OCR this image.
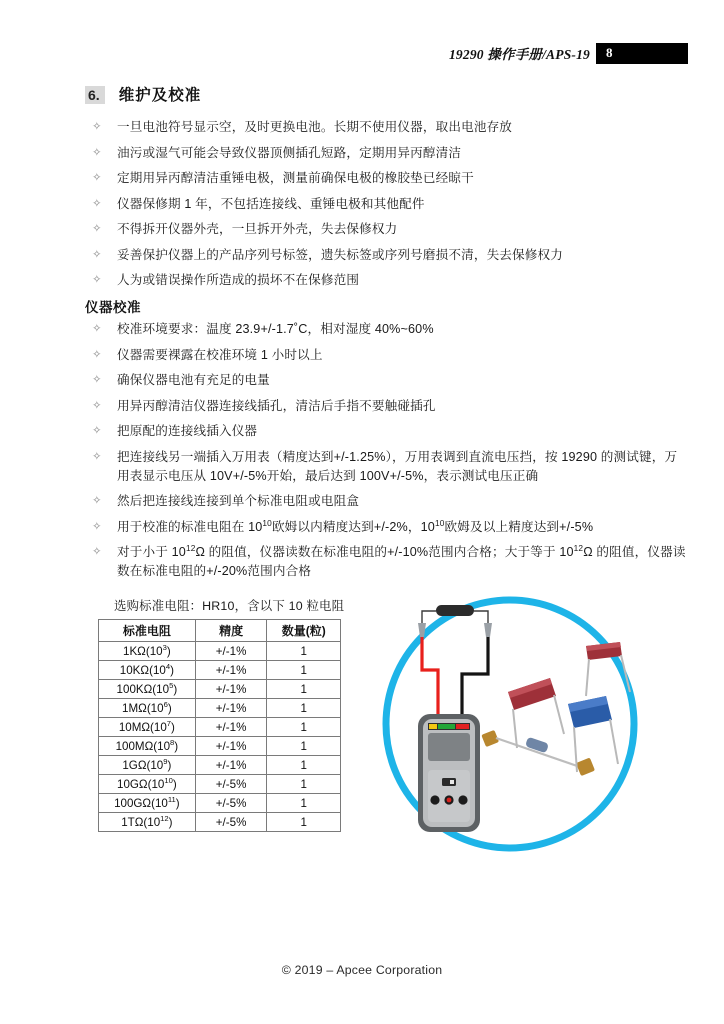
19290 操作手册/APS-19	8
6.	维护及校准
✧	一旦电池符号显示空，及时更换电池。长期不使用仪器，取出电池存放
✧	油污或湿气可能会导致仪器顶侧插孔短路，定期用异丙醇清洁
✧	定期用异丙醇清洁重锤电极，测量前确保电极的橡胶垫已经晾干
✧	仪器保修期 1 年，不包括连接线、重锤电极和其他配件
✧	不得拆开仪器外壳，一旦拆开外壳，失去保修权力
✧	妥善保护仪器上的产品序列号标签，遗失标签或序列号磨损不清，失去保修权力
✧	人为或错误操作所造成的损坏不在保修范围
仪器校准
✧	校准环境要求：温度 23.9+/-1.7˚C，相对湿度 40%~60%
✧	仪器需要裸露在校准环境 1 小时以上
✧	确保仪器电池有充足的电量
✧	用异丙醇清洁仪器连接线插孔，清洁后手指不要触碰插孔
✧	把原配的连接线插入仪器
✧	把连接线另一端插入万用表（精度达到+/-1.25%），万用表调到直流电压挡，按 19290 的测试键，万
用表显示电压从 10V+/-5%开始，最后达到 100V+/-5%，表示测试电压正确
✧	然后把连接线连接到单个标准电阻或电阻盒
✧	用于校准的标准电阻在 $10^{10}$欧姆以内精度达到+/-2%，$10^{10}$欧姆及以上精度达到+/-5%
✧	对于小于 $10^{12}\Omega$ 的阻值，仪器读数在标准电阻的+/-10%范围内合格；大于等于 $10^{12}\Omega$ 的阻值，仪器读
数在标准电阻的+/-20%范围内合格
选购标准电阻：HR10，含以下 10 粒电阻
标准电阻	精度	数量(粒)
$1K\Omega(10^3)$	+/-1%	1
$10K\Omega(10^4)$	+/-1%	1
$100K\Omega(10^5)$	+/-1%	1
$1M\Omega(10^6)$	+/-1%	1
$10M\Omega(10^7)$	+/-1%	1
$100M\Omega(10^8)$	+/-1%	1
$1G\Omega(10^9)$	+/-1%	1
$10G\Omega(10^{10})$	+/-5%	1
$100G\Omega(10^{11})$	+/-5%	1
$1T\Omega(10^{12})$	+/-5%	1
© 2019 – Apcee Corporation
